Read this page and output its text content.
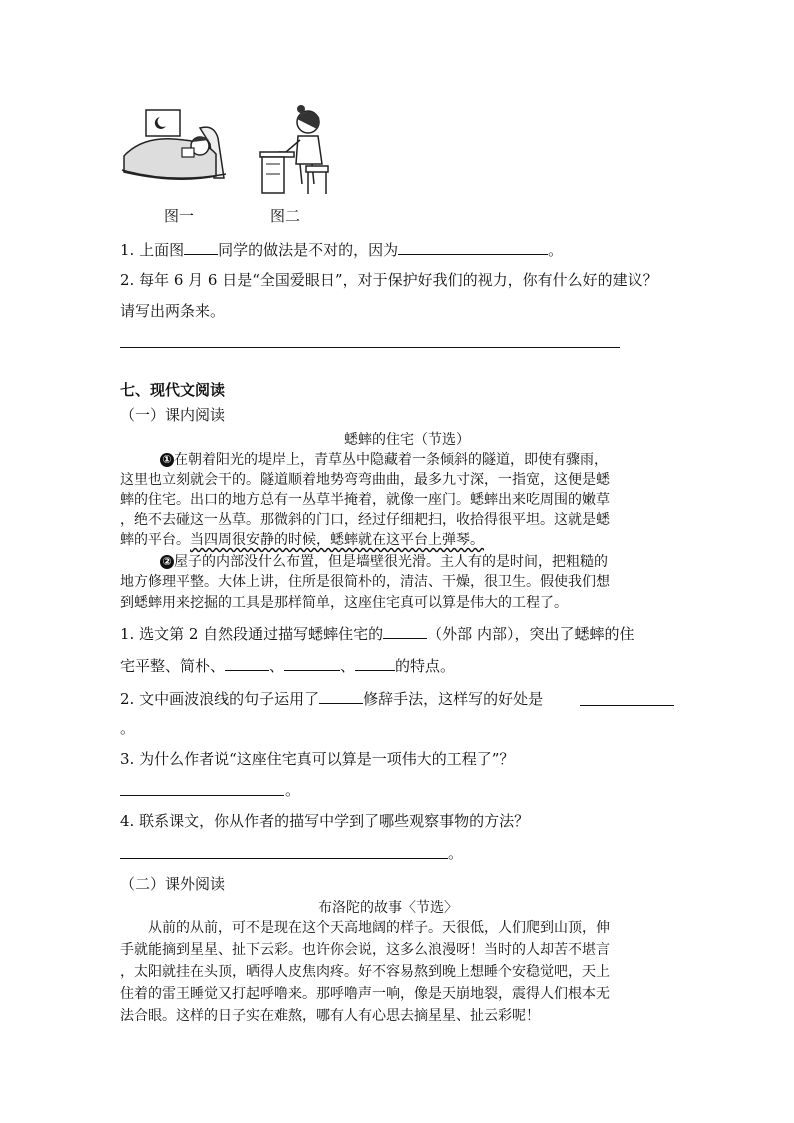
图一	图二
1. 上面图 同学的做法是不对的，因为	。
2. 每年 6 月 6 日是“全国爱眼日”，对于保护好我们的视力，你有什么好的建议？
请写出两条来。
七、现代文阅读
（一）课内阅读
蟋蟀的住宅（节选）
① 在朝着阳光的堤岸上，青草丛中隐藏着一条倾斜的隧道，即使有骤雨，
这里也立刻就会干的。隧道顺着地势弯弯曲曲，最多九寸深，一指宽，这便是蟋
蟀的住宅。出口的地方总有一丛草半掩着，就像一座门。蟋蟀出来吃周围的嫩草
，绝不去碰这一丛草。那微斜的门口，经过仔细耙扫，收拾得很平坦。这就是蟋
蟀的平台。当四周很安静的时候，蟋蟀就在这平台上弹琴。
② 屋子的内部没什么布置，但是墙壁很光滑。主人有的是时间，把粗糙的
地方修理平整。大体上讲，住所是很简朴的，清洁、干燥，很卫生。假使我们想
到蟋蟀用来挖掘的工具是那样简单，这座住宅真可以算是伟大的工程了。
1. 选文第 2 自然段通过描写蟋蟀住宅的	（外部 内部），突出了蟋蟀的住
宅平整、简朴、	、	、	的特点。
2. 文中画波浪线的句子运用了	修辞手法，这样写的好处是
。
3. 为什么作者说“这座住宅真可以算是一项伟大的工程了”？
。
4. 联系课文，你从作者的描写中学到了哪些观察事物的方法？
。
（二）课外阅读
布洛陀的故事〈节选〉
从前的从前，可不是现在这个天高地阔的样子。天很低，人们爬到山顶，伸
手就能摘到星星、扯下云彩。也许你会说，这多么浪漫呀！当时的人却苦不堪言
，太阳就挂在头顶，晒得人皮焦肉疼。好不容易熬到晚上想睡个安稳觉吧，天上
住着的雷王睡觉又打起呼噜来。那呼噜声一响，像是天崩地裂，震得人们根本无
法合眼。这样的日子实在难熬，哪有人有心思去摘星星、扯云彩呢！
